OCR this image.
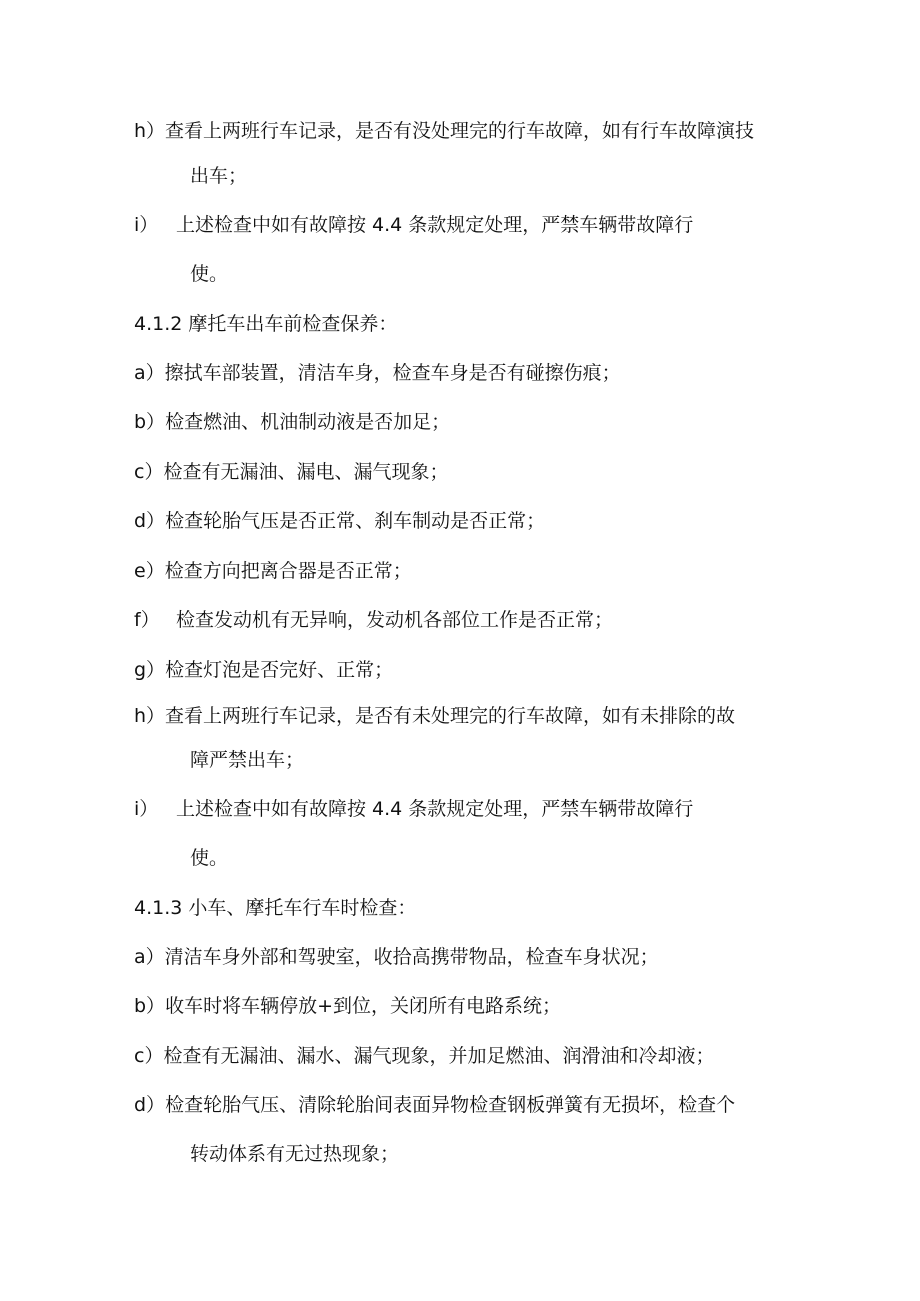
h）查看上两班行车记录，是否有没处理完的行车故障，如有行车故障演技
出车；
i） 上述检查中如有故障按 4.4 条款规定处理，严禁车辆带故障行
使。
4.1.2 摩托车出车前检查保养：
a）擦拭车部装置，清洁车身，检查车身是否有碰擦伤痕；
b）检查燃油、机油制动液是否加足；
c）检查有无漏油、漏电、漏气现象；
d）检查轮胎气压是否正常、刹车制动是否正常；
e）检查方向把离合器是否正常；
f） 检查发动机有无异响，发动机各部位工作是否正常；
g）检查灯泡是否完好、正常；
h）查看上两班行车记录，是否有未处理完的行车故障，如有未排除的故
障严禁出车；
i） 上述检查中如有故障按 4.4 条款规定处理，严禁车辆带故障行
使。
4.1.3 小车、摩托车行车时检查：
a）清洁车身外部和驾驶室，收拾高携带物品，检查车身状况；
b）收车时将车辆停放+到位，关闭所有电路系统；
c）检查有无漏油、漏水、漏气现象，并加足燃油、润滑油和冷却液；
d）检查轮胎气压、清除轮胎间表面异物检查钢板弹簧有无损坏，检查个
转动体系有无过热现象；
